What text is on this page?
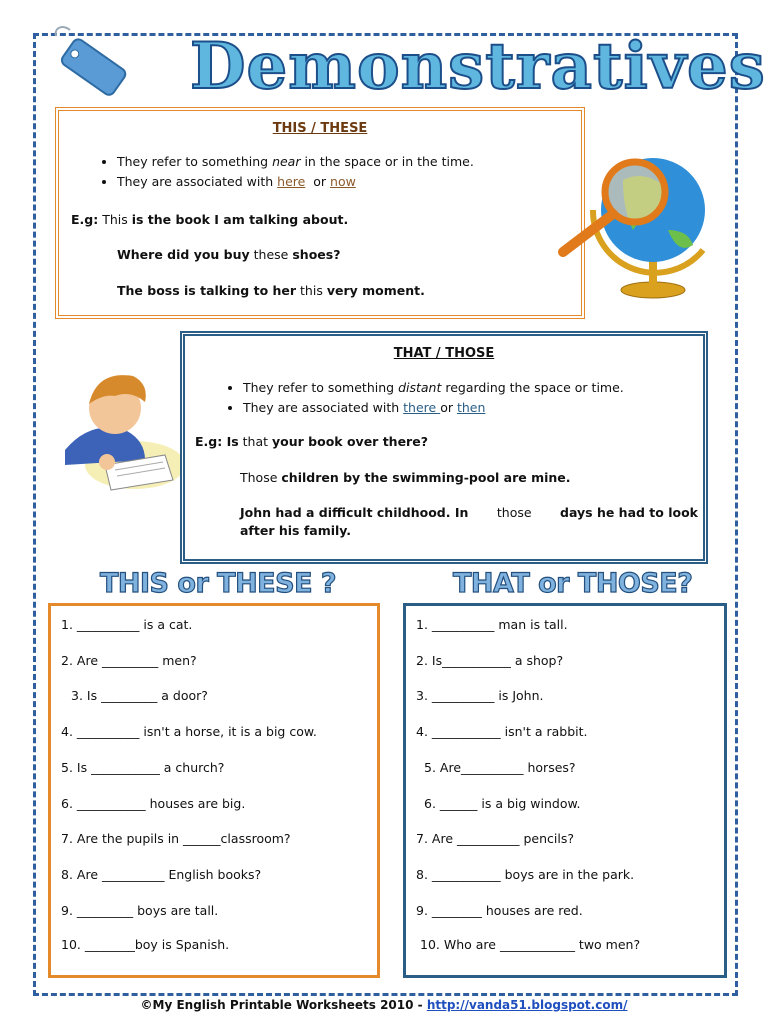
Demonstratives
THIS / THESE
• They refer to something near in the space or in the time.
• They are associated with here  or now
E.g: This is the book I am talking about.
Where did you buy these shoes?
The boss is talking to her this very moment.
THAT / THOSE
• They refer to something distant regarding the space or time.
• They are associated with there or then
E.g: Is that your book over there?
Those children by the swimming-pool are mine.
John had a difficult childhood. In those days he had to look
after his family.
THIS or THESE ?	THAT or THOSE?
1. __________ is a cat.
2. Are _________ men?
3. Is _________ a door?
4. __________ isn't a horse, it is a big cow.
5. Is ___________ a church?
6. ___________ houses are big.
7. Are the pupils in ______classroom?
8. Are __________ English books?
9. _________ boys are tall.
10. ________boy is Spanish.
1. __________ man is tall.
2. Is___________ a shop?
3. __________ is John.
4. ___________ isn't a rabbit.
5. Are__________ horses?
6. ______ is a big window.
7. Are __________ pencils?
8. ___________ boys are in the park.
9. ________ houses are red.
10. Who are ____________ two men?
©My English Printable Worksheets 2010 - http://vanda51.blogspot.com/
